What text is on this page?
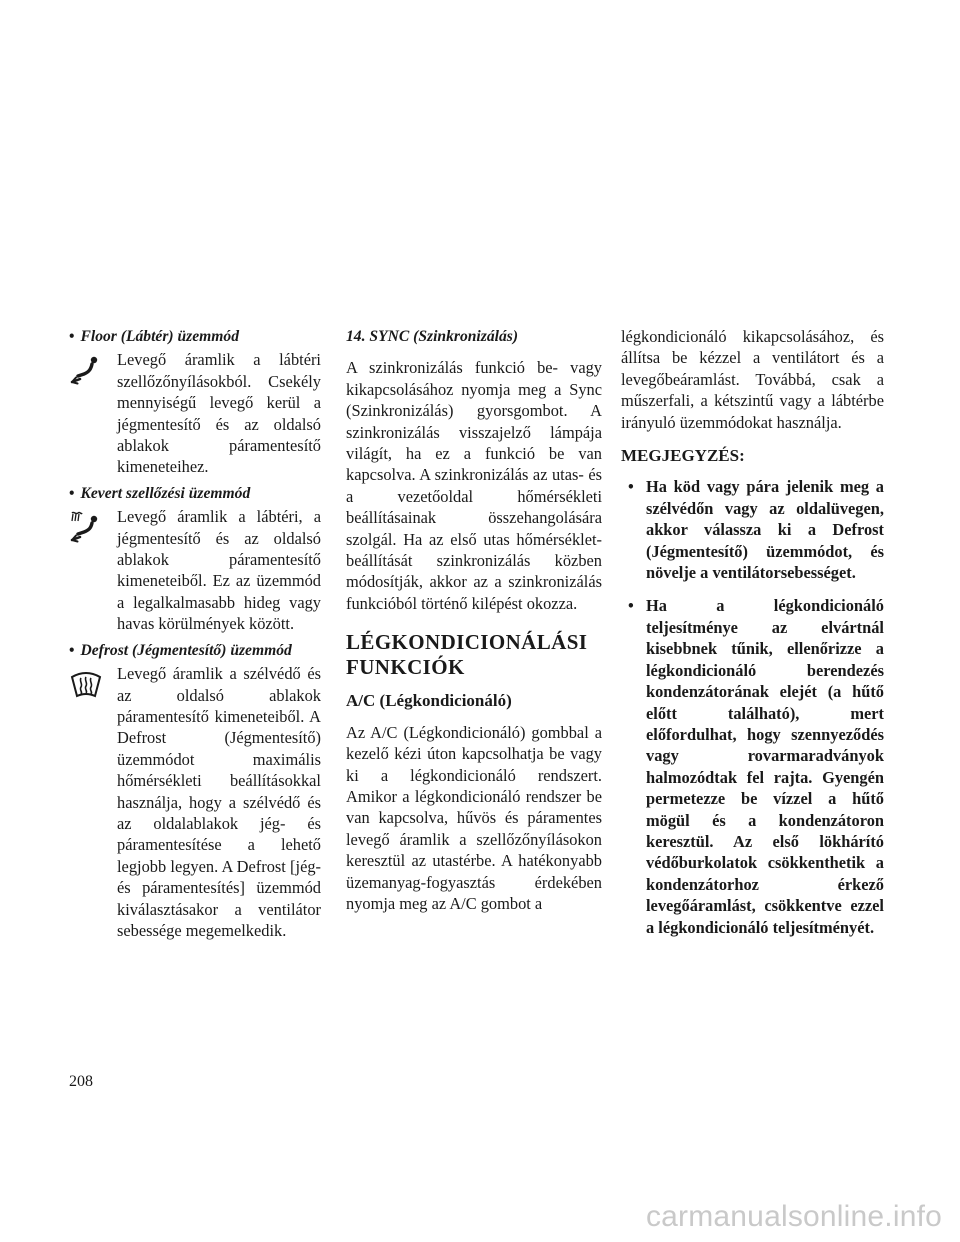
• Floor (Lábtér) üzemmód

Levegő áramlik a lábtéri szellőzőnyílásokból. Csekély mennyiségű levegő kerül a jégmentesítő és az oldalsó ablakok páramentesítő kimeneteihez.

• Kevert szellőzési üzemmód

Levegő áramlik a lábtéri, a jégmentesítő és az oldalsó ablakok páramentesítő kimeneteiből. Ez az üzemmód a legalkalmasabb hideg vagy havas körülmények között.

• Defrost (Jégmentesítő) üzemmód

Levegő áramlik a szélvédő és az oldalsó ablakok páramentesítő kimeneteiből. A Defrost (Jégmentesítő) üzemmódot maximális hőmérsékleti beállításokkal használja, hogy a szélvédő és az oldalablakok jég- és páramentesítése a lehető legjobb legyen. A Defrost [jég- és páramentesítés] üzemmód kiválasztásakor a ventilátor sebessége megemelkedik.

14. SYNC (Szinkronizálás)

A szinkronizálás funkció be- vagy kikapcsolásához nyomja meg a Sync (Szinkronizálás) gyorsgombot. A szinkronizálás visszajelző lámpája világít, ha ez a funkció be van kapcsolva. A szinkronizálás az utas- és a vezetőoldal hőmérsékleti beállításainak összehangolására szolgál. Ha az első utas hőmérséklet-beállítását szinkronizálás közben módosítják, akkor az a szinkronizálás funkcióból történő kilépést okozza.

LÉGKONDICIONÁLÁSI FUNKCIÓK
A/C (Légkondicionáló)

Az A/C (Légkondicionáló) gombbal a kezelő kézi úton kapcsolhatja be vagy ki a légkondicionáló rendszert. Amikor a légkondicionáló rendszer be van kapcsolva, hűvös és páramentes levegő áramlik a szellőzőnyílásokon keresztül az utastérbe. A hatékonyabb üzemanyag-fogyasztás érdekében nyomja meg az A/C gombot a

légkondicionáló kikapcsolásához, és állítsa be kézzel a ventilátort és a levegőbeáramlást. Továbbá, csak a műszerfali, a kétszintű vagy a lábtérbe irányuló üzemmódokat használja.

MEGJEGYZÉS:

• Ha köd vagy pára jelenik meg a szélvédőn vagy az oldalüvegen, akkor válassza ki a Defrost (Jégmentesítő) üzemmódot, és növelje a ventilátorsebességet.

• Ha a légkondicionáló teljesítménye az elvártnál kisebbnek tűnik, ellenőrizze a légkondicionáló berendezés kondenzátorának elejét (a hűtő előtt található), mert előfordulhat, hogy szennyeződés vagy rovarmaradványok halmozódtak fel rajta. Gyengén permetezze be vízzel a hűtő mögül és a kondenzátoron keresztül. Az első lökhárító védőburkolatok csökkenthetik a kondenzátorhoz érkező levegőáramlást, csökkentve ezzel a légkondicionáló teljesítményét.

208
carmanualsonline.info
